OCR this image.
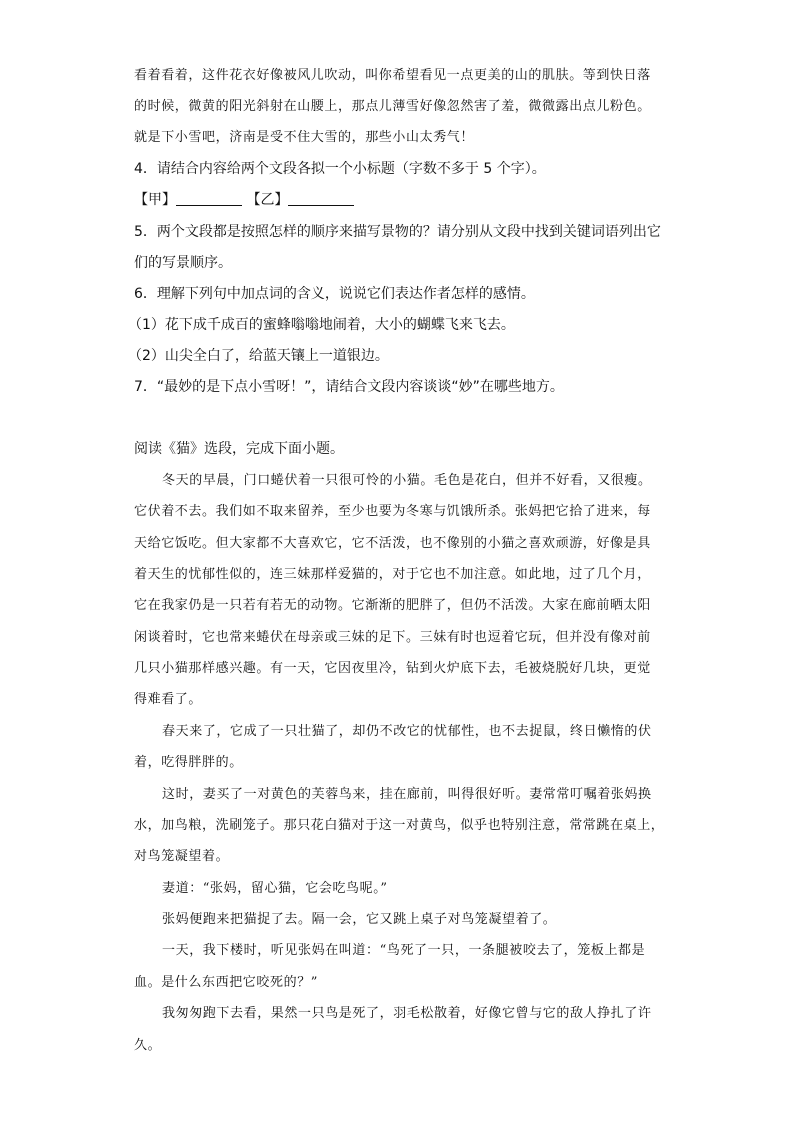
看着看着，这件花衣好像被风儿吹动，叫你希望看见一点更美的山的肌肤。等到快日落
的时候，微黄的阳光斜射在山腰上，那点儿薄雪好像忽然害了羞，微微露出点儿粉色。
就是下小雪吧，济南是受不住大雪的，那些小山太秀气！
4．请结合内容给两个文段各拟一个小标题（字数不多于 5 个字）。
【甲】	【乙】
5．两个文段都是按照怎样的顺序来描写景物的？请分别从文段中找到关键词语列出它
们的写景顺序。
6．理解下列句中加点词的含义，说说它们表达作者怎样的感情。
（1）花下成千成百的蜜蜂嗡嗡地闹着，大小的蝴蝶飞来飞去。
（2）山尖全白了，给蓝天镶上一道银边。
7．“最妙的是下点小雪呀！”，请结合文段内容谈谈“妙”在哪些地方。
阅读《猫》选段，完成下面小题。
冬天的早晨，门口蜷伏着一只很可怜的小猫。毛色是花白，但并不好看，又很瘦。
它伏着不去。我们如不取来留养，至少也要为冬寒与饥饿所杀。张妈把它拾了进来，每
天给它饭吃。但大家都不大喜欢它，它不活泼，也不像别的小猫之喜欢顽游，好像是具
着天生的忧郁性似的，连三妹那样爱猫的，对于它也不加注意。如此地，过了几个月，
它在我家仍是一只若有若无的动物。它渐渐的肥胖了，但仍不活泼。大家在廊前晒太阳
闲谈着时，它也常来蜷伏在母亲或三妹的足下。三妹有时也逗着它玩，但并没有像对前
几只小猫那样感兴趣。有一天，它因夜里冷，钻到火炉底下去，毛被烧脱好几块，更觉
得难看了。
春天来了，它成了一只壮猫了，却仍不改它的忧郁性，也不去捉鼠，终日懒惰的伏
着，吃得胖胖的。
这时，妻买了一对黄色的芙蓉鸟来，挂在廊前，叫得很好听。妻常常叮嘱着张妈换
水，加鸟粮，洗刷笼子。那只花白猫对于这一对黄鸟，似乎也特别注意，常常跳在桌上，
对鸟笼凝望着。
妻道：“张妈，留心猫，它会吃鸟呢。”
张妈便跑来把猫捉了去。隔一会，它又跳上桌子对鸟笼凝望着了。
一天，我下楼时，听见张妈在叫道：“鸟死了一只，一条腿被咬去了，笼板上都是
血。是什么东西把它咬死的？”
我匆匆跑下去看，果然一只鸟是死了，羽毛松散着，好像它曾与它的敌人挣扎了许
久。
